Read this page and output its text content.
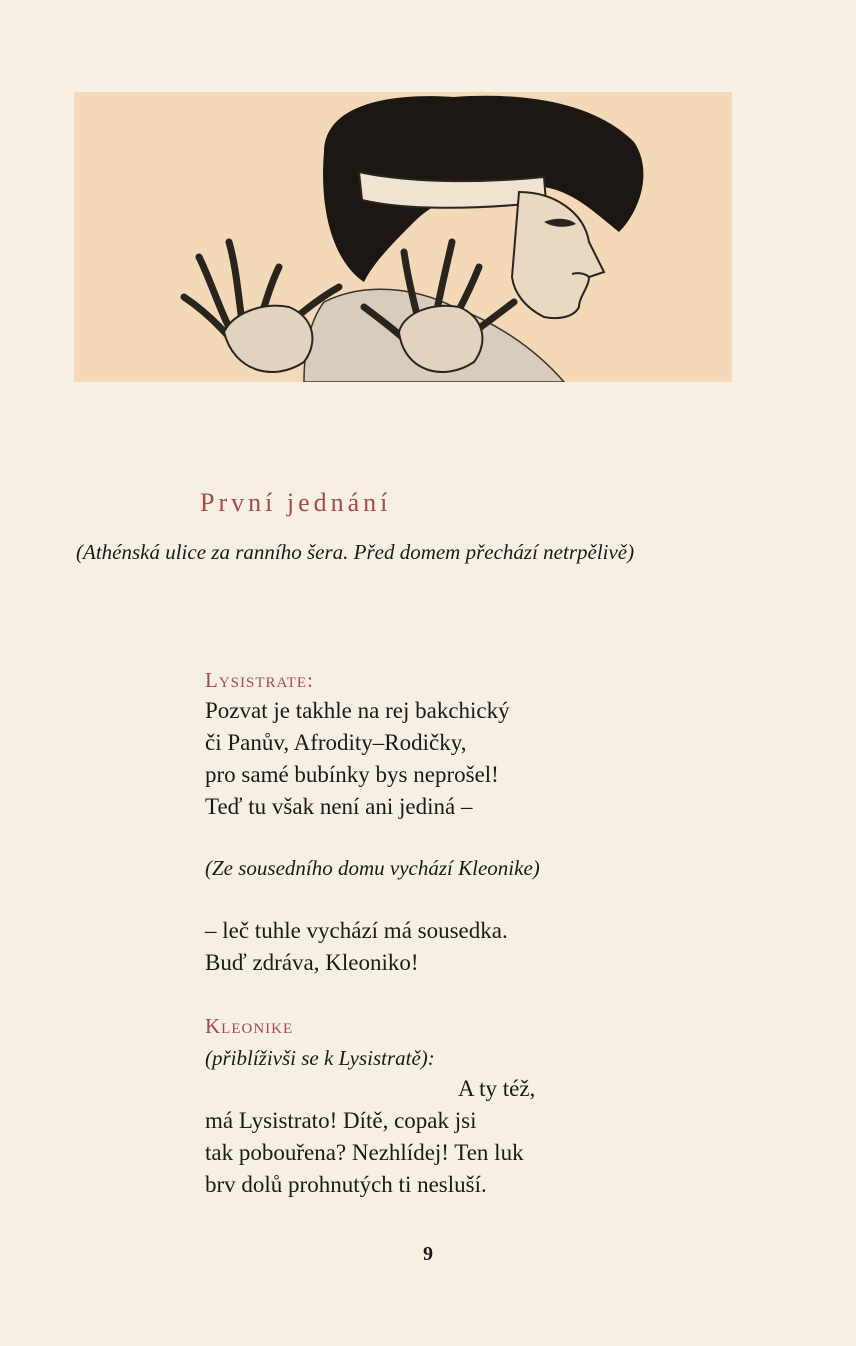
První jednání
(Athénská ulice za ranního šera. Před domem přechází netrpělivě)
Lysistrate:
Pozvat je takhle na rej bakchický
či Panův, Afrodity–Rodičky,
pro samé bubínky bys neprošel!
Teď tu však není ani jediná –
(Ze sousedního domu vychází Kleonike)
– leč tuhle vychází má sousedka.
Buď zdráva, Kleoniko!
Kleonike
(přiblíživši se k Lysistratě):
A ty též,
má Lysistrato! Dítě, copak jsi
tak pobouřena? Nezhlídej! Ten luk
brv dolů prohnutých ti nesluší.
9
